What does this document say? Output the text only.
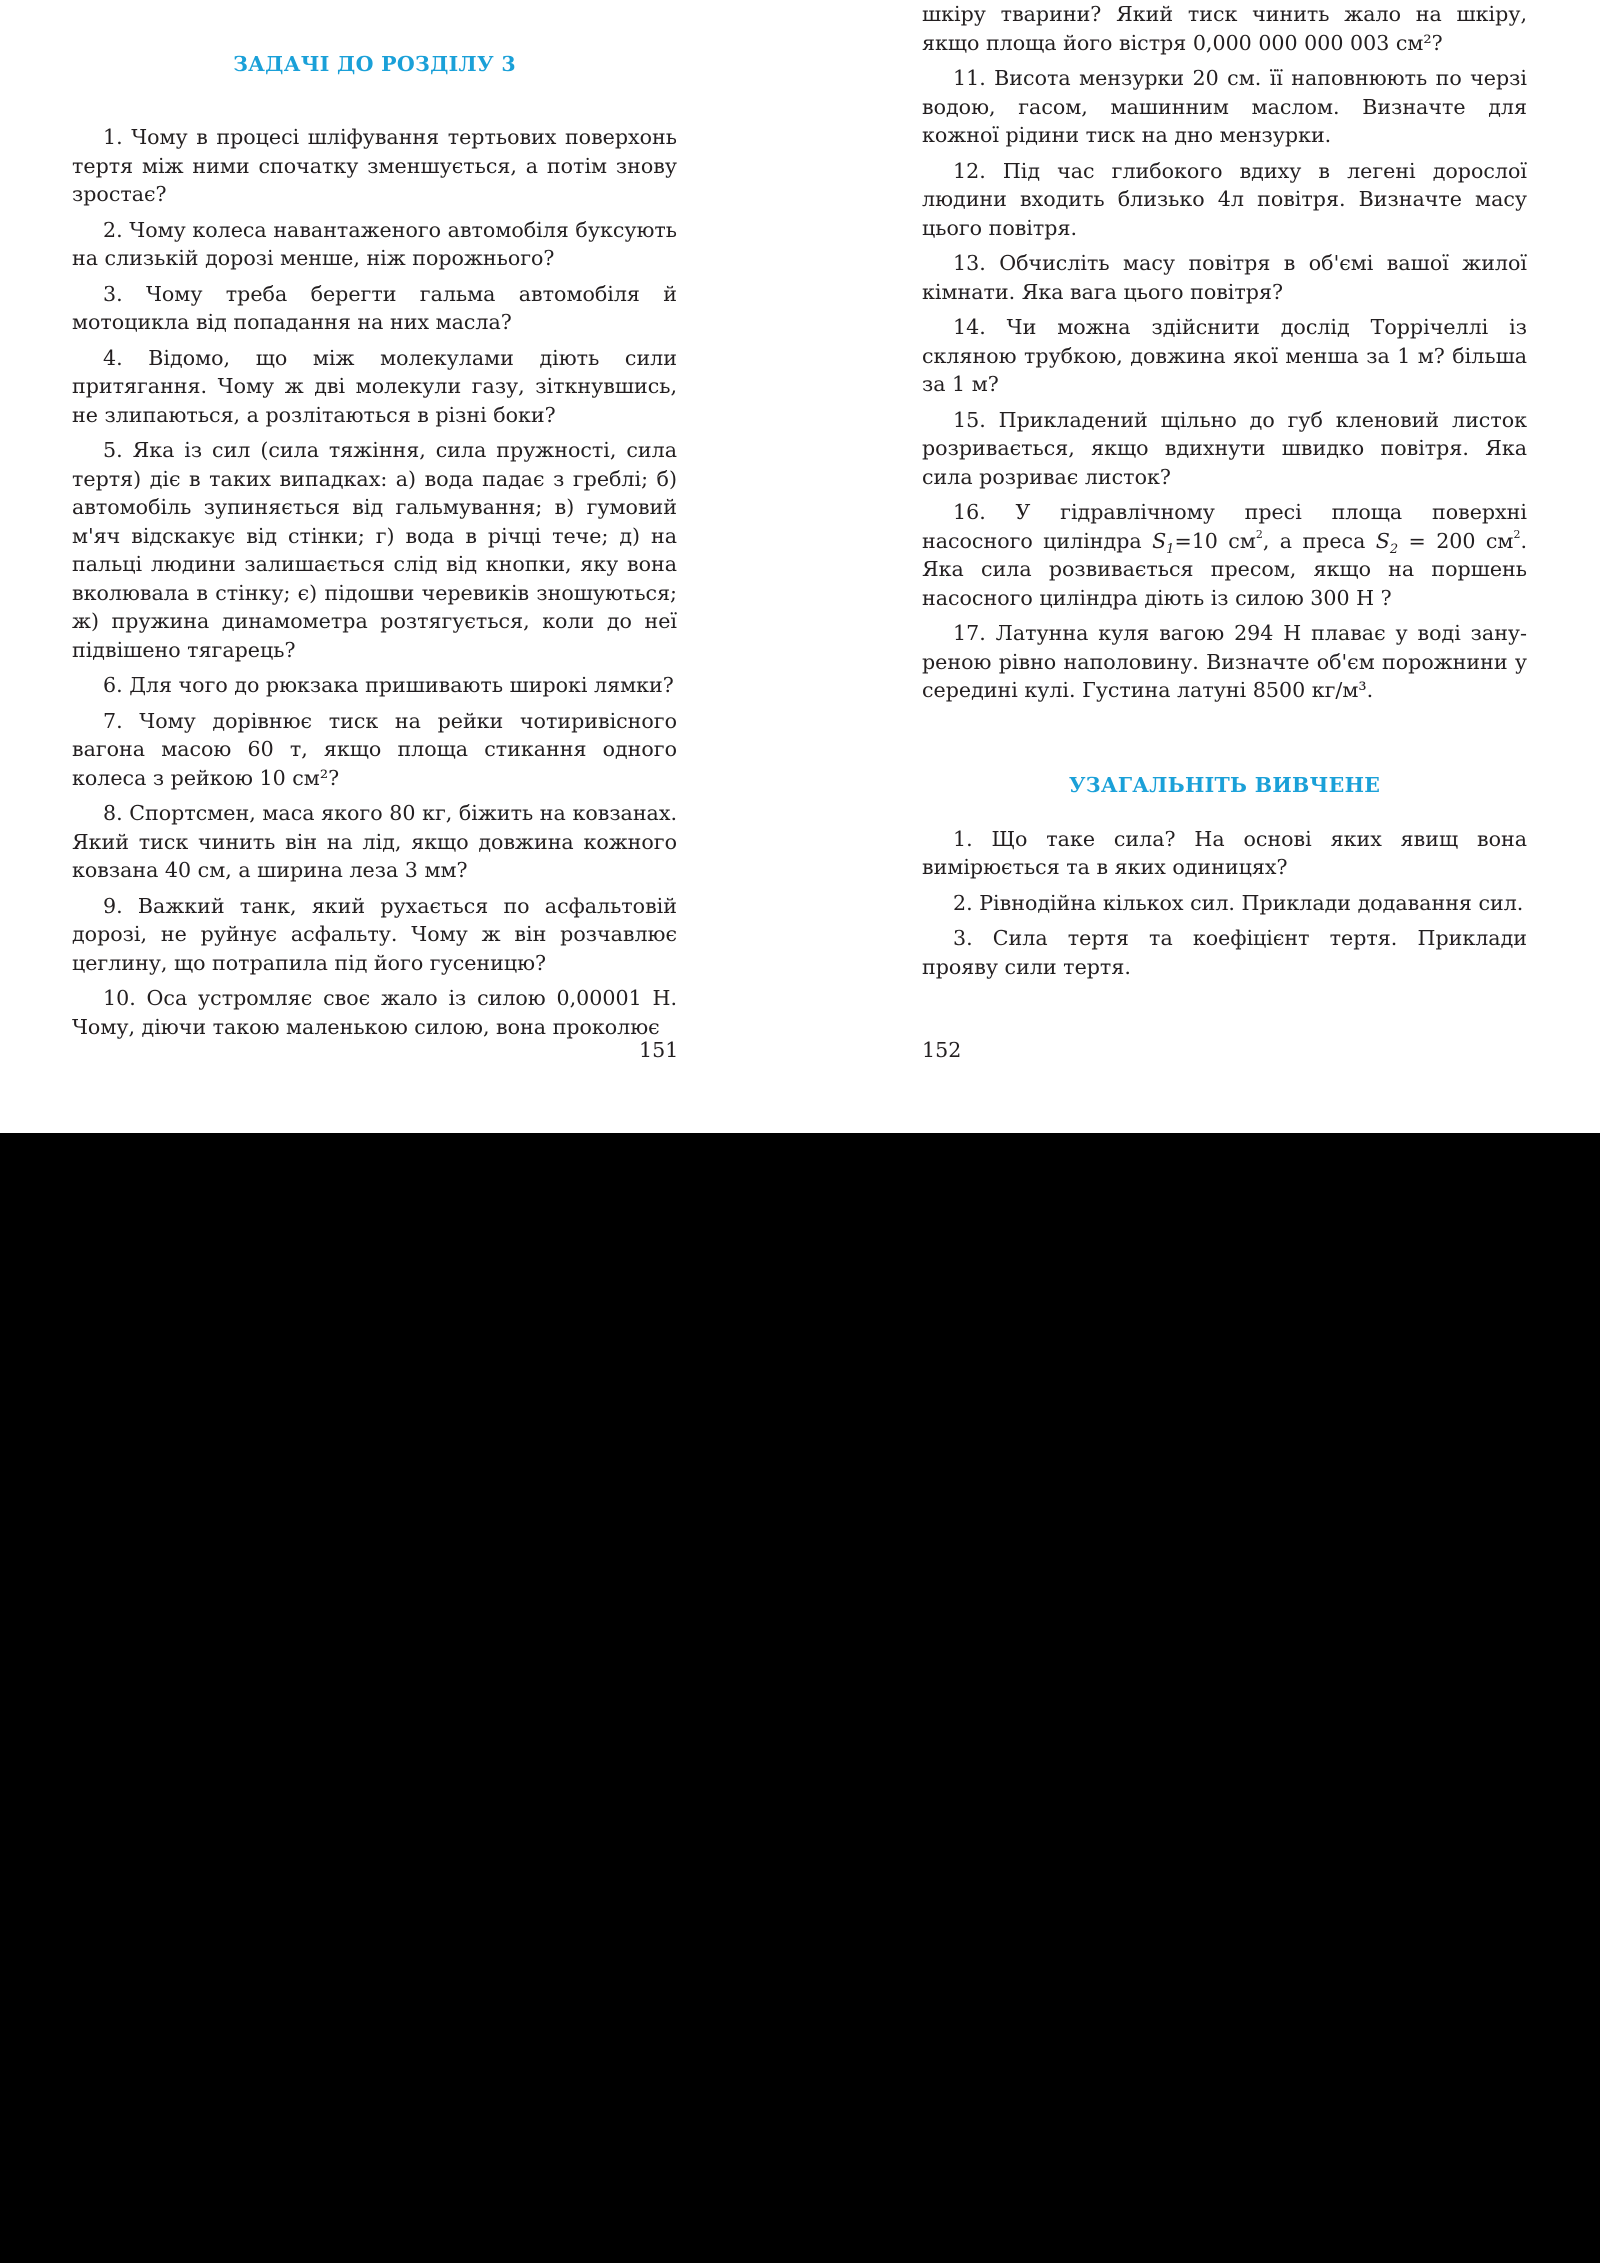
ЗАДАЧІ ДО РОЗДІЛУ 3

1. Чому в процесі шліфування тертьових поверхонь тертя між ними спочатку зменшується, а потім знову зростає?

2. Чому колеса навантаженого автомобіля буксують на слизькій дорозі менше, ніж порожнього?

3. Чому треба берегти гальма автомобіля й мотоцикла від попадання на них масла?

4. Відомо, що між молекулами діють сили притягання. Чому ж дві молекули газу, зіткнувшись, не злипаються, а розлітаються в різні боки?

5. Яка із сил (сила тяжіння, сила пружності, сила тертя) діє в таких випадках: а) вода падає з греблі; б) автомобіль зупиняється від гальмування; в) гумовий м'яч відскакує від стінки; г) вода в річці тече; д) на пальці людини залишається слід від кнопки, яку вона вколювала в стінку; є) підошви черевиків зношуються; ж) пружина динамометра розтягується, коли до неї підвішено тягарець?

6. Для чого до рюкзака пришивають широкі лямки?

7. Чому дорівнює тиск на рейки чотиривісного вагона масою 60 т, якщо площа стикання одного колеса з рейкою 10 см²?

8. Спортсмен, маса якого 80 кг, біжить на ковзанах. Який тиск чинить він на лід, якщо довжина кожного ковзана 40 см, а ширина леза 3 мм?

9. Важкий танк, який рухається по асфальтовій дорозі, не руйнує асфальту. Чому ж він розчавлює цеглину, що потрапила під його гусеницю?

10. Оса устромляє своє жало із силою 0,00001 Н. Чому, діючи такою маленькою силою, вона проколює

151

шкіру тварини? Який тиск чинить жало на шкіру, якщо площа його вістря 0,000 000 000 003 см²?

11. Висота мензурки 20 см. її наповнюють по черзі водою, гасом, машинним маслом. Визначте для кожної рідини тиск на дно мензурки.

12. Під час глибокого вдиху в легені дорослої людини входить близько 4л повітря. Визначте масу цього повітря.

13. Обчисліть масу повітря в об'ємі вашої жилої кімнати. Яка вага цього повітря?

14. Чи можна здійснити дослід Торрічеллі із скляною трубкою, довжина якої менша за 1 м? більша за 1 м?

15. Прикладений щільно до губ кленовий листок розривається, якщо вдихнути швидко повітря. Яка сила розриває листок?

16. У гідравлічному пресі площа поверхні насосного циліндра $S_1=10$ $см^2$, а преса $S_2 = 200$ $см^2$. Яка сила розвивається пресом, якщо на поршень насосного циліндра діють із силою 300 Н ?

17. Латунна куля вагою 294 Н плаває у воді зануреною рівно наполовину. Визначте об'єм порожнини у середині кулі. Густина латуні 8500 кг/м³.

УЗАГАЛЬНІТЬ ВИВЧЕНЕ

1. Що таке сила? На основі яких явищ вона вимірюється та в яких одиницях?

2. Рівнодійна кількох сил. Приклади додавання сил.

3. Сила тертя та коефіцієнт тертя. Приклади прояву сили тертя.

152
